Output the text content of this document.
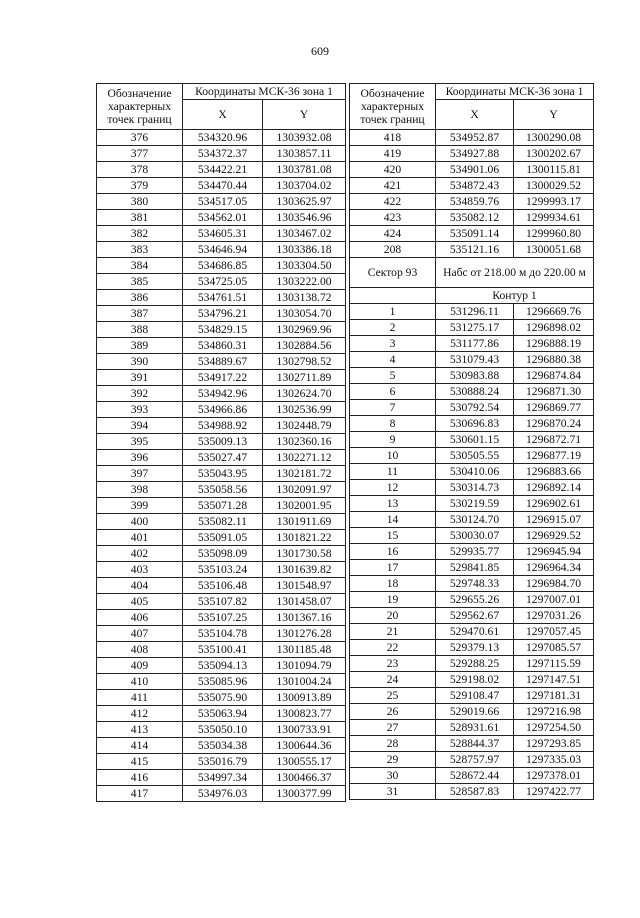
609
Обозначение характерных точек границ	Координаты МСК-36 зона 1	
	X	Y
376	534320.96	1303932.08
377	534372.37	1303857.11
378	534422.21	1303781.08
379	534470.44	1303704.02
380	534517.05	1303625.97
381	534562.01	1303546.96
382	534605.31	1303467.02
383	534646.94	1303386.18
384	534686.85	1303304.50
385	534725.05	1303222.00
386	534761.51	1303138.72
387	534796.21	1303054.70
388	534829.15	1302969.96
389	534860.31	1302884.56
390	534889.67	1302798.52
391	534917.22	1302711.89
392	534942.96	1302624.70
393	534966.86	1302536.99
394	534988.92	1302448.79
395	535009.13	1302360.16
396	535027.47	1302271.12
397	535043.95	1302181.72
398	535058.56	1302091.97
399	535071.28	1302001.95
400	535082.11	1301911.69
401	535091.05	1301821.22
402	535098.09	1301730.58
403	535103.24	1301639.82
404	535106.48	1301548.97
405	535107.82	1301458.07
406	535107.25	1301367.16
407	535104.78	1301276.28
408	535100.41	1301185.48
409	535094.13	1301094.79
410	535085.96	1301004.24
411	535075.90	1300913.89
412	535063.94	1300823.77
413	535050.10	1300733.91
414	535034.38	1300644.36
415	535016.79	1300555.17
416	534997.34	1300466.37
417	534976.03	1300377.99
Обозначение характерных точек границ	Координаты МСК-36 зона 1	
	X	Y
418	534952.87	1300290.08
419	534927.88	1300202.67
420	534901.06	1300115.81
421	534872.43	1300029.52
422	534859.76	1299993.17
423	535082.12	1299934.61
424	535091.14	1299960.80
208	535121.16	1300051.68
Сектор 93	Набс от 218.00 м до 220.00 м	

	Контур 1	
1	531296.11	1296669.76
2	531275.17	1296898.02
3	531177.86	1296888.19
4	531079.43	1296880.38
5	530983.88	1296874.84
6	530888.24	1296871.30
7	530792.54	1296869.77
8	530696.83	1296870.24
9	530601.15	1296872.71
10	530505.55	1296877.19
11	530410.06	1296883.66
12	530314.73	1296892.14
13	530219.59	1296902.61
14	530124.70	1296915.07
15	530030.07	1296929.52
16	529935.77	1296945.94
17	529841.85	1296964.34
18	529748.33	1296984.70
19	529655.26	1297007.01
20	529562.67	1297031.26
21	529470.61	1297057.45
22	529379.13	1297085.57
23	529288.25	1297115.59
24	529198.02	1297147.51
25	529108.47	1297181.31
26	529019.66	1297216.98
27	528931.61	1297254.50
28	528844.37	1297293.85
29	528757.97	1297335.03
30	528672.44	1297378.01
31	528587.83	1297422.77
